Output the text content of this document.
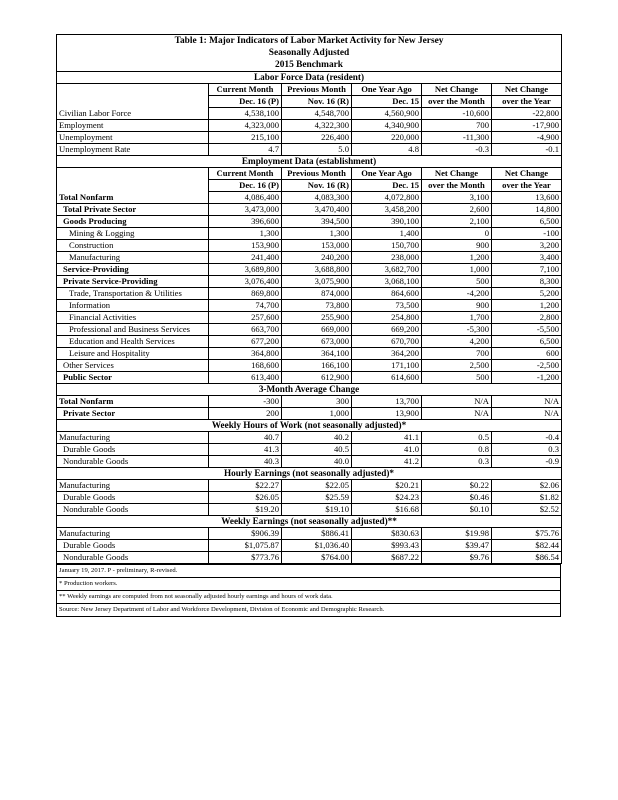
Table 1: Major Indicators of Labor Market Activity for New Jersey					
Seasonally Adjusted					
2015 Benchmark					
Labor Force Data (resident)					
	Current Month	Previous Month	One Year Ago	Net Change	Net Change
	Dec. 16 (P)	Nov. 16 (R)	Dec. 15	over the Month	over the Year
Civilian Labor Force	4,538,100	4,548,700	4,560,900	-10,600	-22,800
Employment	4,323,000	4,322,300	4,340,900	700	-17,900
Unemployment	215,100	226,400	220,000	-11,300	-4,900
Unemployment Rate	4.7	5.0	4.8	-0.3	-0.1
Employment Data (establishment)					
	Current Month	Previous Month	One Year Ago	Net Change	Net Change
	Dec. 16 (P)	Nov. 16 (R)	Dec. 15	over the Month	over the Year
Total Nonfarm	4,086,400	4,083,300	4,072,800	3,100	13,600
Total Private Sector	3,473,000	3,470,400	3,458,200	2,600	14,800
Goods Producing	396,600	394,500	390,100	2,100	6,500
Mining & Logging	1,300	1,300	1,400	0	-100
Construction	153,900	153,000	150,700	900	3,200
Manufacturing	241,400	240,200	238,000	1,200	3,400
Service-Providing	3,689,800	3,688,800	3,682,700	1,000	7,100
Private Service-Providing	3,076,400	3,075,900	3,068,100	500	8,300
Trade, Transportation & Utilities	869,800	874,000	864,600	-4,200	5,200
Information	74,700	73,800	73,500	900	1,200
Financial Activities	257,600	255,900	254,800	1,700	2,800
Professional and Business Services	663,700	669,000	669,200	-5,300	-5,500
Education and Health Services	677,200	673,000	670,700	4,200	6,500
Leisure and Hospitality	364,800	364,100	364,200	700	600
Other Services	168,600	166,100	171,100	2,500	-2,500
Public Sector	613,400	612,900	614,600	500	-1,200
3-Month Average Change					
Total Nonfarm	-300	300	13,700	N/A	N/A
Private Sector	200	1,000	13,900	N/A	N/A
Weekly Hours of Work (not seasonally adjusted)*					
Manufacturing	40.7	40.2	41.1	0.5	-0.4
Durable Goods	41.3	40.5	41.0	0.8	0.3
Nondurable Goods	40.3	40.0	41.2	0.3	-0.9
Hourly Earnings (not seasonally adjusted)*					
Manufacturing	$22.27	$22.05	$20.21	$0.22	$2.06
Durable Goods	$26.05	$25.59	$24.23	$0.46	$1.82
Nondurable Goods	$19.20	$19.10	$16.68	$0.10	$2.52
Weekly Earnings (not seasonally adjusted)**					
Manufacturing	$906.39	$886.41	$830.63	$19.98	$75.76
Durable Goods	$1,075.87	$1,036.40	$993.43	$39.47	$82.44
Nondurable Goods	$773.76	$764.00	$687.22	$9.76	$86.54
January 19, 2017. P - preliminary, R-revised.
* Production workers.
** Weekly earnings are computed from not seasonally adjusted hourly earnings and hours of work data.
Source: New Jersey Department of Labor and Workforce Development, Division of Economic and Demographic Research.
